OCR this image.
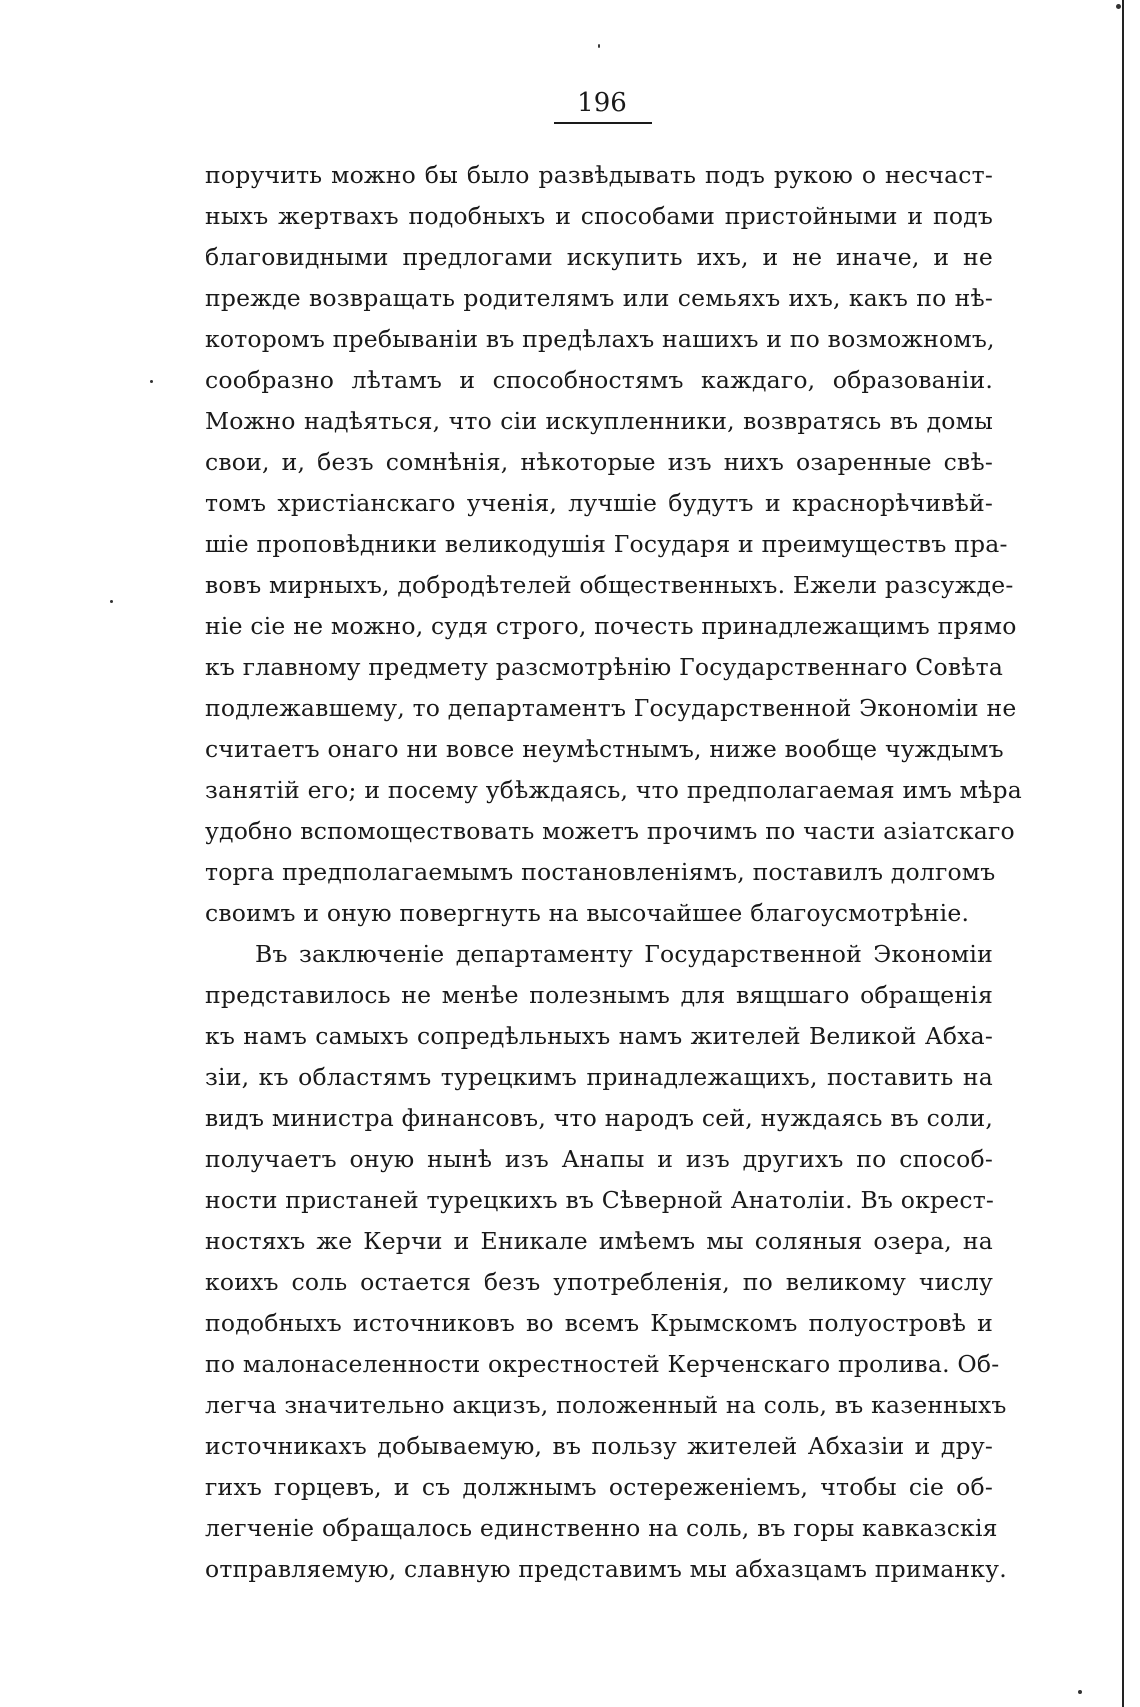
196
поручить можно бы было развѣдывать подъ рукою о несчаст-
ныхъ жертвахъ подобныхъ и способами пристойными и подъ
благовидными предлогами искупить ихъ, и не иначе, и не
прежде возвращать родителямъ или семьяхъ ихъ, какъ по нѣ-
которомъ пребываніи въ предѣлахъ нашихъ и по возможномъ,
сообразно лѣтамъ и способностямъ каждаго, образованіи.
Можно надѣяться, что сіи искупленники, возвратясь въ домы
свои, и, безъ сомнѣнія, нѣкоторые изъ нихъ озаренные свѣ-
томъ христіанскаго ученія, лучшіе будутъ и краснорѣчивѣй-
шіе проповѣдники великодушія Государя и преимуществъ пра-
вовъ мирныхъ, добродѣтелей общественныхъ. Ежели разсужде-
ніе сіе не можно, судя строго, почесть принадлежащимъ прямо
къ главному предмету разсмотрѣнію Государственнаго Совѣта
подлежавшему, то департаментъ Государственной Экономіи не
считаетъ онаго ни вовсе неумѣстнымъ, ниже вообще чуждымъ
занятій его; и посему убѣждаясь, что предполагаемая имъ мѣра
удобно вспомоществовать можетъ прочимъ по части азіатскаго
торга предполагаемымъ постановленіямъ, поставилъ долгомъ
своимъ и оную повергнуть на высочайшее благоусмотрѣніе.
Въ заключеніе департаменту Государственной Экономіи
представилось не менѣе полезнымъ для вящшаго обращенія
къ намъ самыхъ сопредѣльныхъ намъ жителей Великой Абха-
зіи, къ областямъ турецкимъ принадлежащихъ, поставить на
видъ министра финансовъ, что народъ сей, нуждаясь въ соли,
получаетъ оную нынѣ изъ Анапы и изъ другихъ по способ-
ности пристаней турецкихъ въ Сѣверной Анатоліи. Въ окрест-
ностяхъ же Керчи и Еникале имѣемъ мы соляныя озера, на
коихъ соль остается безъ употребленія, по великому числу
подобныхъ источниковъ во всемъ Крымскомъ полуостровѣ и
по малонаселенности окрестностей Керченскаго пролива. Об-
легча значительно акцизъ, положенный на соль, въ казенныхъ
источникахъ добываемую, въ пользу жителей Абхазіи и дру-
гихъ горцевъ, и съ должнымъ остереженіемъ, чтобы сіе об-
легченіе обращалось единственно на соль, въ горы кавказскія
отправляемую, славную представимъ мы абхазцамъ приманку.
